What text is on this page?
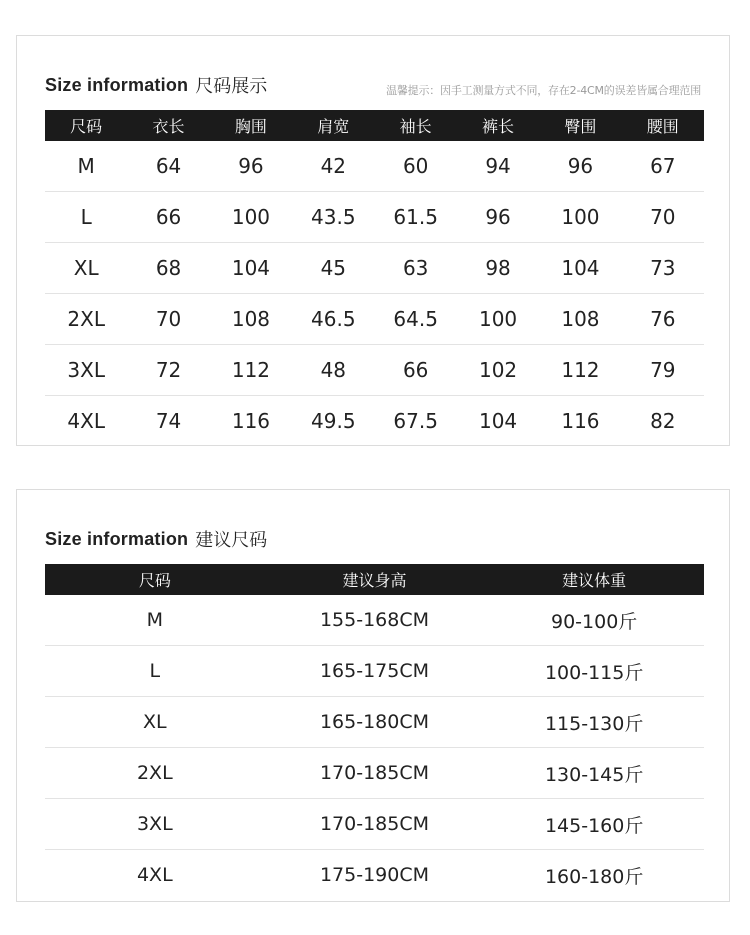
Size information 尺码展示	温馨提示：因手工测量方式不同，存在2-4CM的误差皆属合理范围
尺码	衣长	胸围	肩宽	袖长	裤长	臀围	腰围
M	64	96	42	60	94	96	67
L	66	100	43.5	61.5	96	100	70
XL	68	104	45	63	98	104	73
2XL	70	108	46.5	64.5	100	108	76
3XL	72	112	48	66	102	112	79
4XL	74	116	49.5	67.5	104	116	82
Size information 建议尺码
尺码	建议身高	建议体重
M	155-168CM	90-100斤
L	165-175CM	100-115斤
XL	165-180CM	115-130斤
2XL	170-185CM	130-145斤
3XL	170-185CM	145-160斤
4XL	175-190CM	160-180斤
